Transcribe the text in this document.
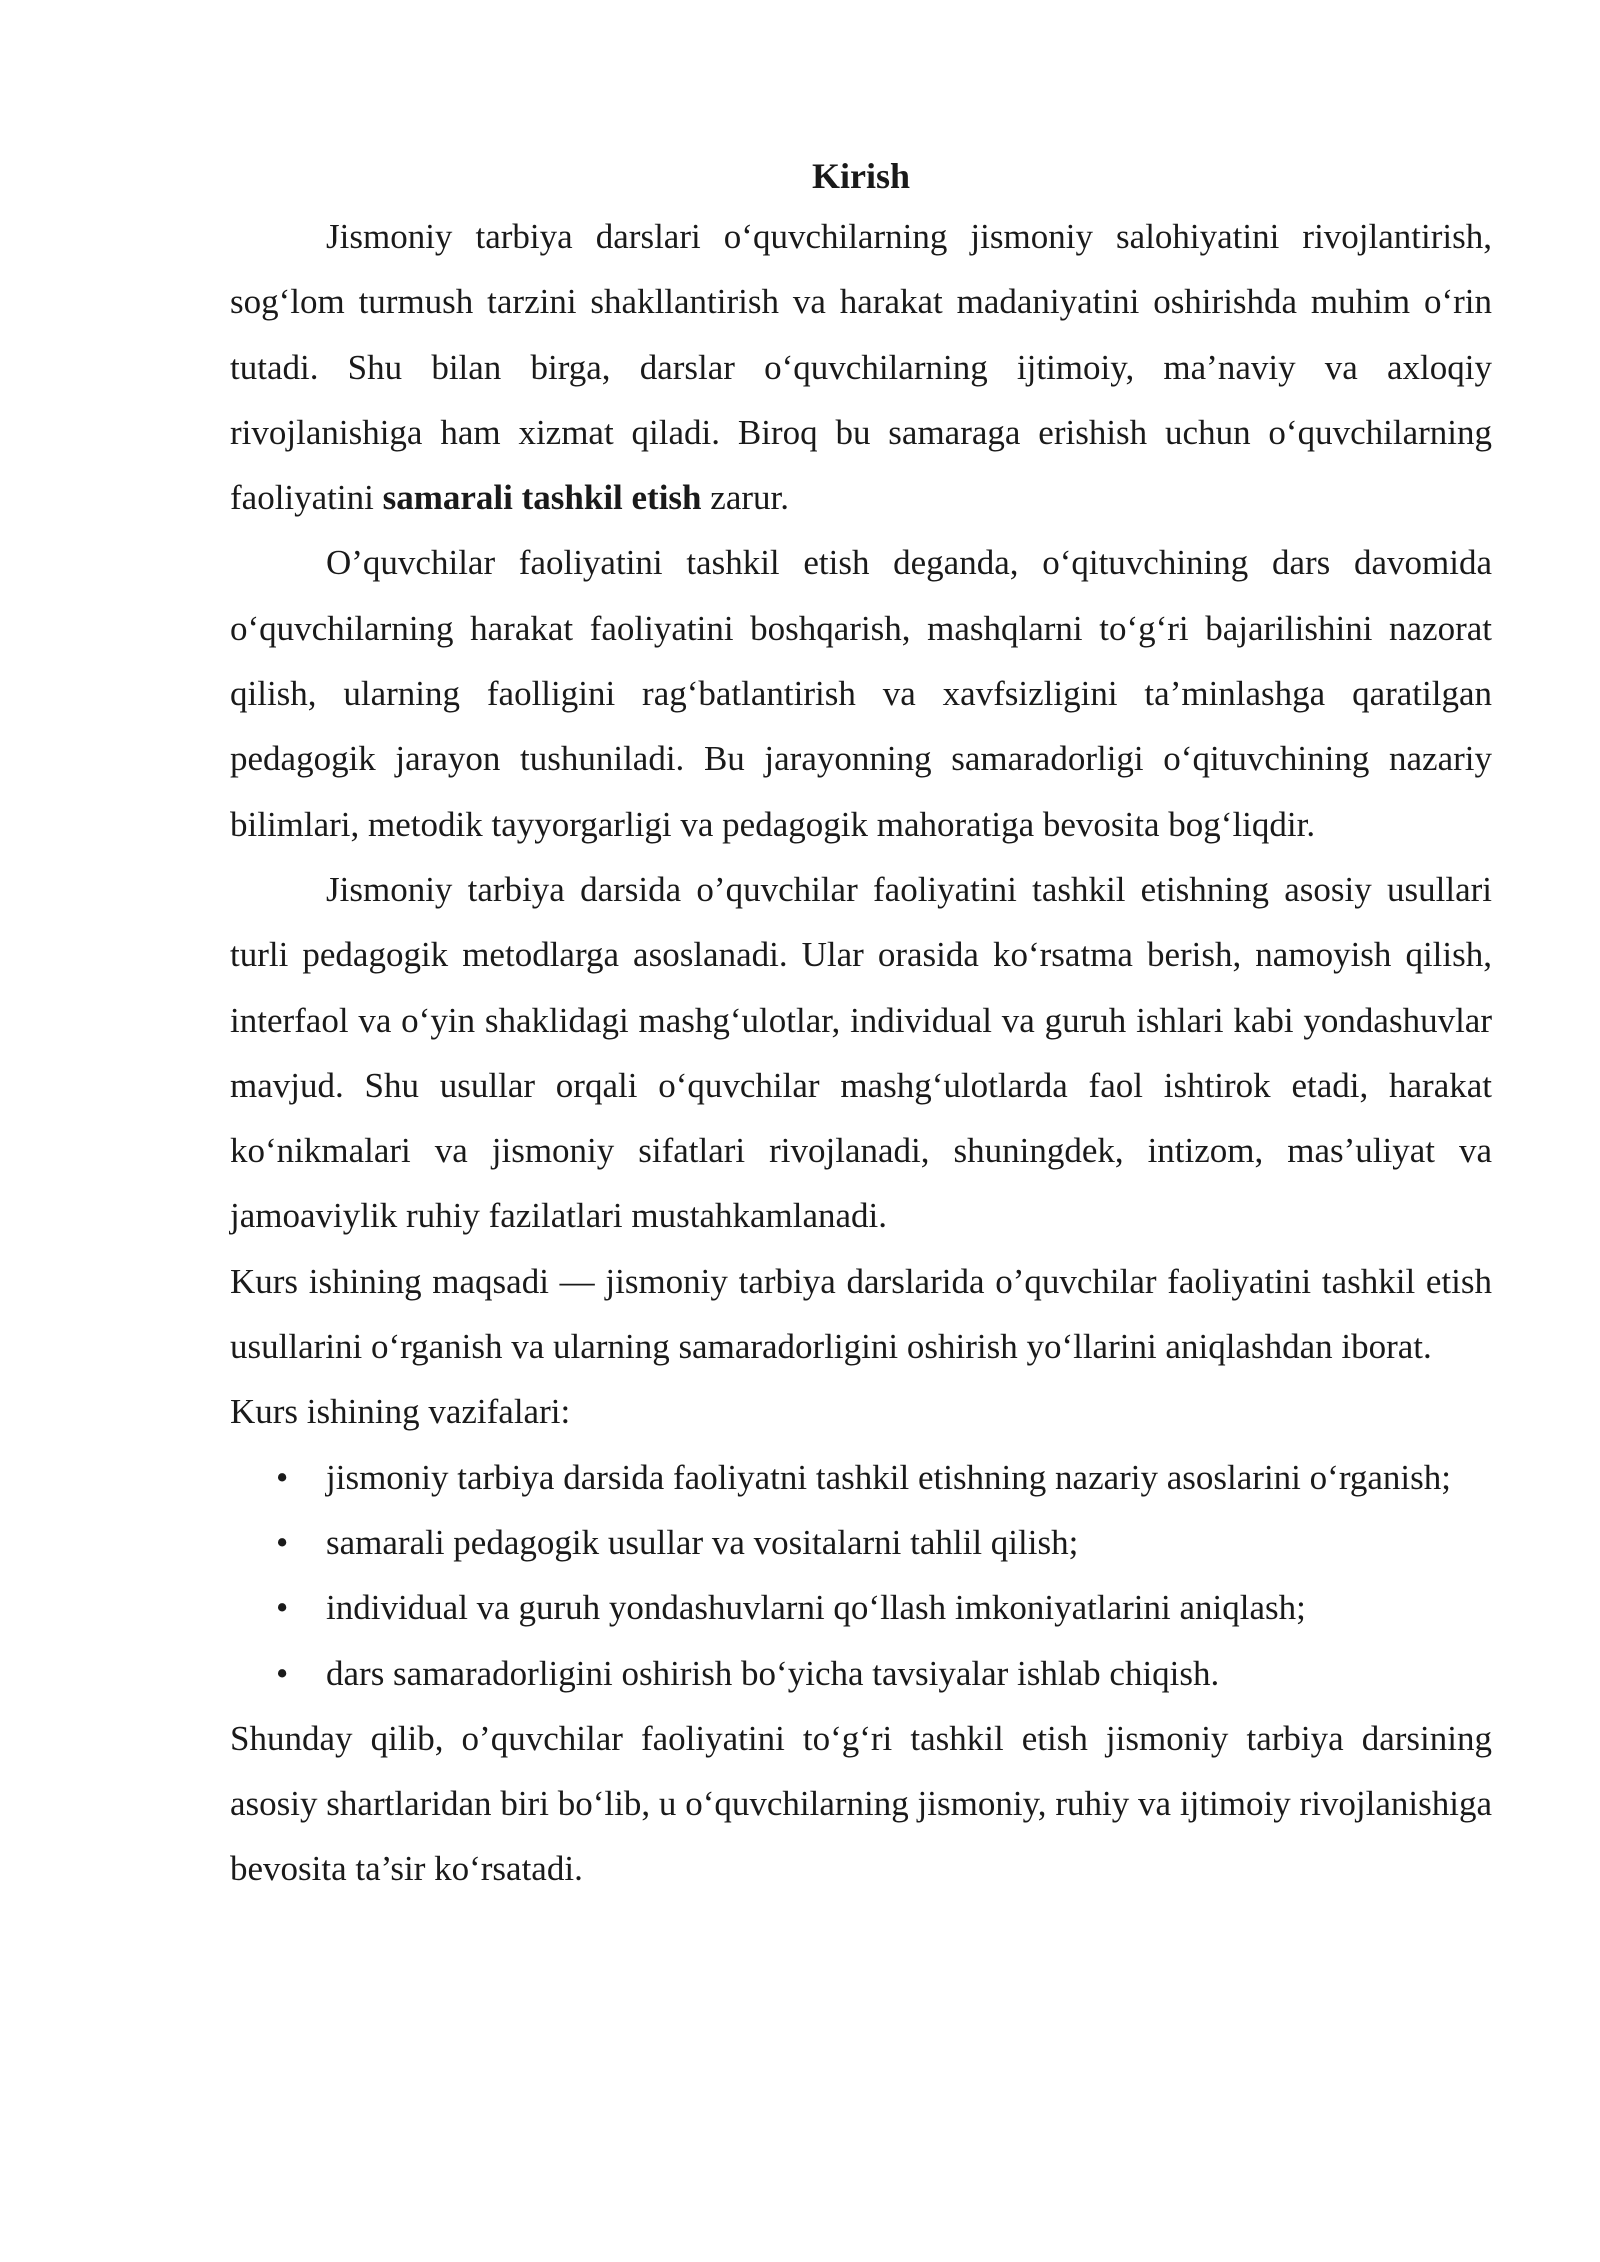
Kirish

Jismoniy tarbiya darslari o‘quvchilarning jismoniy salohiyatini rivojlantirish, sog‘lom turmush tarzini shakllantirish va harakat madaniyatini oshirishda muhim o‘rin tutadi. Shu bilan birga, darslar o‘quvchilarning ijtimoiy, ma’naviy va axloqiy rivojlanishiga ham xizmat qiladi. Biroq bu samaraga erishish uchun o‘quvchilarning faoliyatini samarali tashkil etish zarur.

O’quvchilar faoliyatini tashkil etish deganda, o‘qituvchining dars davomida o‘quvchilarning harakat faoliyatini boshqarish, mashqlarni to‘g‘ri bajarilishini nazorat qilish, ularning faolligini rag‘batlantirish va xavfsizligini ta’minlashga qaratilgan pedagogik jarayon tushuniladi. Bu jarayonning samaradorligi o‘qituvchining nazariy bilimlari, metodik tayyorgarligi va pedagogik mahoratiga bevosita bog‘liqdir.

Jismoniy tarbiya darsida o’quvchilar faoliyatini tashkil etishning asosiy usullari turli pedagogik metodlarga asoslanadi. Ular orasida ko‘rsatma berish, namoyish qilish, interfaol va o‘yin shaklidagi mashg‘ulotlar, individual va guruh ishlari kabi yondashuvlar mavjud. Shu usullar orqali o‘quvchilar mashg‘ulotlarda faol ishtirok etadi, harakat ko‘nikmalari va jismoniy sifatlari rivojlanadi, shuningdek, intizom, mas’uliyat va jamoaviylik ruhiy fazilatlari mustahkamlanadi.

Kurs ishining maqsadi — jismoniy tarbiya darslarida o’quvchilar faoliyatini tashkil etish usullarini o‘rganish va ularning samaradorligini oshirish yo‘llarini aniqlashdan iborat.

Kurs ishining vazifalari:

• jismoniy tarbiya darsida faoliyatni tashkil etishning nazariy asoslarini o‘rganish;
• samarali pedagogik usullar va vositalarni tahlil qilish;
• individual va guruh yondashuvlarni qo‘llash imkoniyatlarini aniqlash;
• dars samaradorligini oshirish bo‘yicha tavsiyalar ishlab chiqish.

Shunday qilib, o’quvchilar faoliyatini to‘g‘ri tashkil etish jismoniy tarbiya darsining asosiy shartlaridan biri bo‘lib, u o‘quvchilarning jismoniy, ruhiy va ijtimoiy rivojlanishiga bevosita ta’sir ko‘rsatadi.
